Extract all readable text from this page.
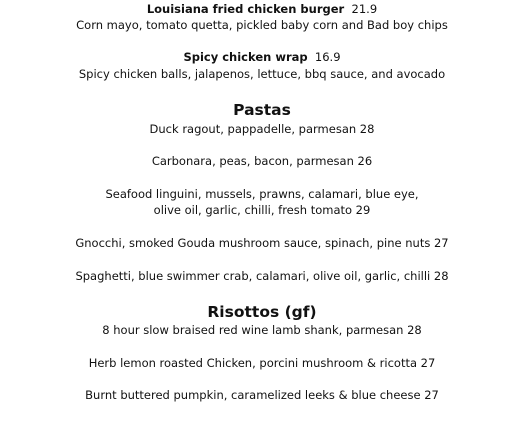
Louisiana fried chicken burger 21.9
Corn mayo, tomato quetta, pickled baby corn and Bad boy chips
Spicy chicken wrap 16.9
Spicy chicken balls, jalapenos, lettuce, bbq sauce, and avocado
Pastas
Duck ragout, pappadelle, parmesan 28
Carbonara, peas, bacon, parmesan 26
Seafood linguini, mussels, prawns, calamari, blue eye,
olive oil, garlic, chilli, fresh tomato 29
Gnocchi, smoked Gouda mushroom sauce, spinach, pine nuts 27
Spaghetti, blue swimmer crab, calamari, olive oil, garlic, chilli 28
Risottos (gf)
8 hour slow braised red wine lamb shank, parmesan 28
Herb lemon roasted Chicken, porcini mushroom & ricotta 27
Burnt buttered pumpkin, caramelized leeks & blue cheese 27
